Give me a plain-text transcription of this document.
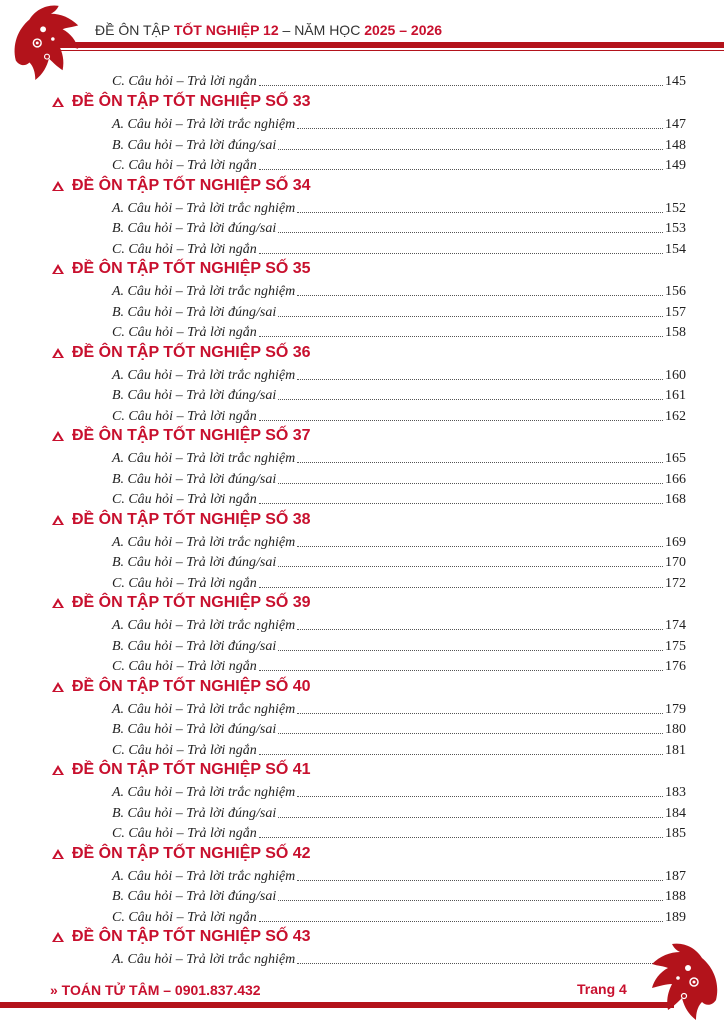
ĐỀ ÔN TẬP TỐT NGHIỆP 12 – NĂM HỌC 2025 – 2026
C. Câu hỏi – Trả lời ngắn	145
ĐỀ ÔN TẬP TỐT NGHIỆP SỐ 33
A. Câu hỏi – Trả lời trắc nghiệm	147
B. Câu hỏi – Trả lời đúng/sai	148
C. Câu hỏi – Trả lời ngắn	149
ĐỀ ÔN TẬP TỐT NGHIỆP SỐ 34
A. Câu hỏi – Trả lời trắc nghiệm	152
B. Câu hỏi – Trả lời đúng/sai	153
C. Câu hỏi – Trả lời ngắn	154
ĐỀ ÔN TẬP TỐT NGHIỆP SỐ 35
A. Câu hỏi – Trả lời trắc nghiệm	156
B. Câu hỏi – Trả lời đúng/sai	157
C. Câu hỏi – Trả lời ngắn	158
ĐỀ ÔN TẬP TỐT NGHIỆP SỐ 36
A. Câu hỏi – Trả lời trắc nghiệm	160
B. Câu hỏi – Trả lời đúng/sai	161
C. Câu hỏi – Trả lời ngắn	162
ĐỀ ÔN TẬP TỐT NGHIỆP SỐ 37
A. Câu hỏi – Trả lời trắc nghiệm	165
B. Câu hỏi – Trả lời đúng/sai	166
C. Câu hỏi – Trả lời ngắn	168
ĐỀ ÔN TẬP TỐT NGHIỆP SỐ 38
A. Câu hỏi – Trả lời trắc nghiệm	169
B. Câu hỏi – Trả lời đúng/sai	170
C. Câu hỏi – Trả lời ngắn	172
ĐỀ ÔN TẬP TỐT NGHIỆP SỐ 39
A. Câu hỏi – Trả lời trắc nghiệm	174
B. Câu hỏi – Trả lời đúng/sai	175
C. Câu hỏi – Trả lời ngắn	176
ĐỀ ÔN TẬP TỐT NGHIỆP SỐ 40
A. Câu hỏi – Trả lời trắc nghiệm	179
B. Câu hỏi – Trả lời đúng/sai	180
C. Câu hỏi – Trả lời ngắn	181
ĐỀ ÔN TẬP TỐT NGHIỆP SỐ 41
A. Câu hỏi – Trả lời trắc nghiệm	183
B. Câu hỏi – Trả lời đúng/sai	184
C. Câu hỏi – Trả lời ngắn	185
ĐỀ ÔN TẬP TỐT NGHIỆP SỐ 42
A. Câu hỏi – Trả lời trắc nghiệm	187
B. Câu hỏi – Trả lời đúng/sai	188
C. Câu hỏi – Trả lời ngắn	189
ĐỀ ÔN TẬP TỐT NGHIỆP SỐ 43
A. Câu hỏi – Trả lời trắc nghiệm
» TOÁN TỬ TÂM – 0901.837.432	Trang 4
